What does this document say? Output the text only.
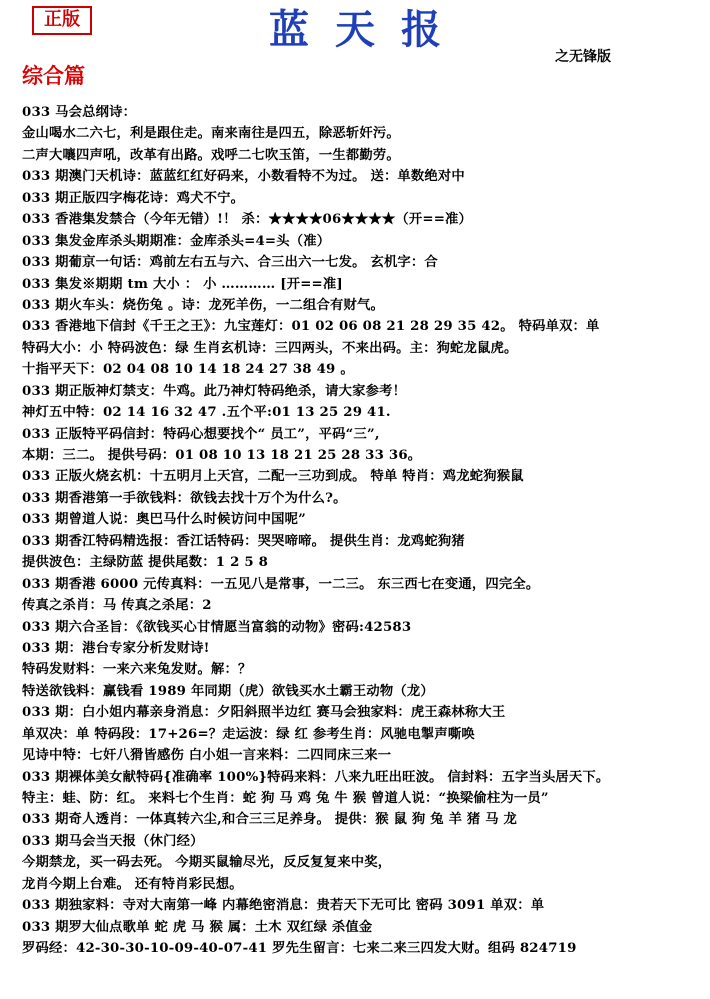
正版	蓝天报
之无锋版
综合篇
033 马会总纲诗：
金山喝水二六七，利是跟住走。南来南往是四五，除恶斩奸污。
二声大嚷四声吼，改革有出路。戏呼二七吹玉笛，一生都勤劳。
033 期澳门天机诗：蓝蓝红红好码来，小数看特不为过。 送：单数绝对中
033 期正版四字梅花诗：鸡犬不宁。
033 香港集发禁合（今年无错）!！ 杀：★★★★06★★★★（开==准）
033 集发金库杀头期期准：金库杀头=4=头（准）
033 期葡京一句话：鸡前左右五与六、合三出六一七发。 玄机字：合
033 集发※期期 tm 大小 ： 小 ………… [开==准]
033 期火车头：烧伤兔 。诗：龙死羊伤，一二组合有财气。
033 香港地下信封《千王之王》：九宝莲灯：01 02 06 08 21 28 29 35 42。 特码单双：单
特码大小：小 特码波色：绿 生肖玄机诗：三四两头，不来出码。主：狗蛇龙鼠虎。
十指平天下：02 04 08 10 14 18 24 27 38 49 。
033 期正版神灯禁支：牛鸡。此乃神灯特码绝杀，请大家参考！
神灯五中特：02 14 16 32 47 .五个平:01 13 25 29 41.
033 正版特平码信封：特码心想要找个“ 员工”，平码“三”,
本期：三二。 提供号码：01 08 10 13 18 21 25 28 33 36。
033 正版火烧玄机：十五明月上天宫，二配一三功到成。 特单 特肖：鸡龙蛇狗猴鼠
033 期香港第一手欲钱料：欲钱去找十万个为什么?。
033 期曾道人说：奥巴马什么时候访问中国呢”
033 期香江特码精选报：香江话特码：哭哭啼啼。 提供生肖：龙鸡蛇狗猪
提供波色：主绿防蓝 提供尾数：1 2 5 8
033 期香港 6000 元传真料：一五见八是常事，一二三。 东三西七在变通，四完全。
传真之杀肖：马 传真之杀尾：2
033 期六合圣旨：《欲钱买心甘情愿当富翁的动物》密码:42583
033 期：港台专家分析发财诗!
特码发财料：一来六来兔发财。解：？
特送欲钱料：赢钱看 1989 年同期（虎）欲钱买水土霸王动物（龙）
033 期：白小姐内幕亲身消息：夕阳斜照半边红 赛马会独家料：虎王森林称大王
单双决：单 特码段：17+26=？走运波：绿 红 参考生肖：风驰电掣声嘶唤
见诗中特：七奸八猾皆感伤 白小姐一言来料：二四同床三来一
033 期裸体美女献特码{准确率 100%}特码来料：八来九旺出旺波。 信封料：五字当头居天下。
特主：蛙、防：红。 来料七个生肖：蛇 狗 马 鸡 兔 牛 猴 曾道人说：“换梁偷柱为一员”
033 期奇人透肖：一体真转六尘,和合三三足养身。 提供：猴 鼠 狗 兔 羊 猪 马 龙
033 期马会当天报（休门经）
今期禁龙，买一码去死。 今期买鼠输尽光，反反复复来中奖，
龙肖今期上台难。 还有特肖彩民想。
033 期独家料：寺对大南第一峰 内幕绝密消息：贵若天下无可比 密码 3091 单双：单
033 期罗大仙点歌单 蛇 虎 马 猴 属：土木 双红绿 杀值金
罗码经：42-30-30-10-09-40-07-41 罗先生留言：七来二来三四发大财。组码 824719
